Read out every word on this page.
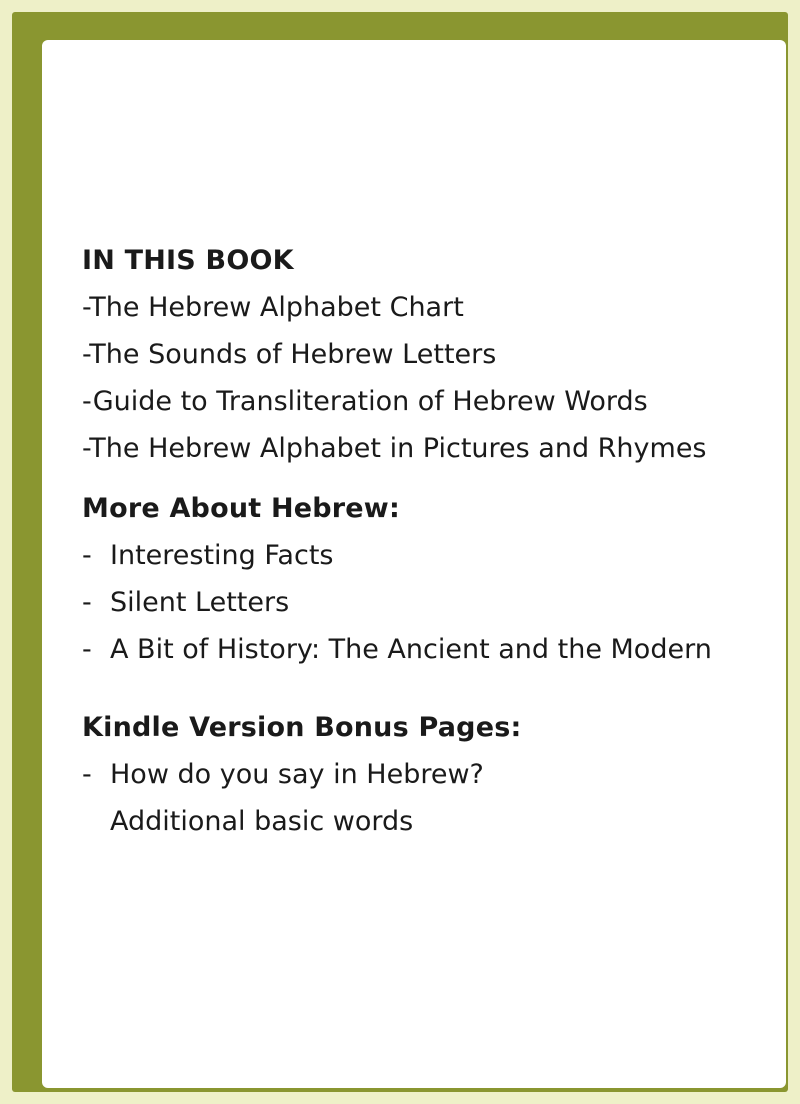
IN THIS BOOK
-The Hebrew Alphabet Chart
-The Sounds of Hebrew Letters
-Guide to Transliteration of Hebrew Words
-The Hebrew Alphabet in Pictures and Rhymes
More About Hebrew:
- Interesting Facts
- Silent Letters
- A Bit of History: The Ancient and the Modern
Kindle Version Bonus Pages:
- How do you say in Hebrew?
Additional basic words
